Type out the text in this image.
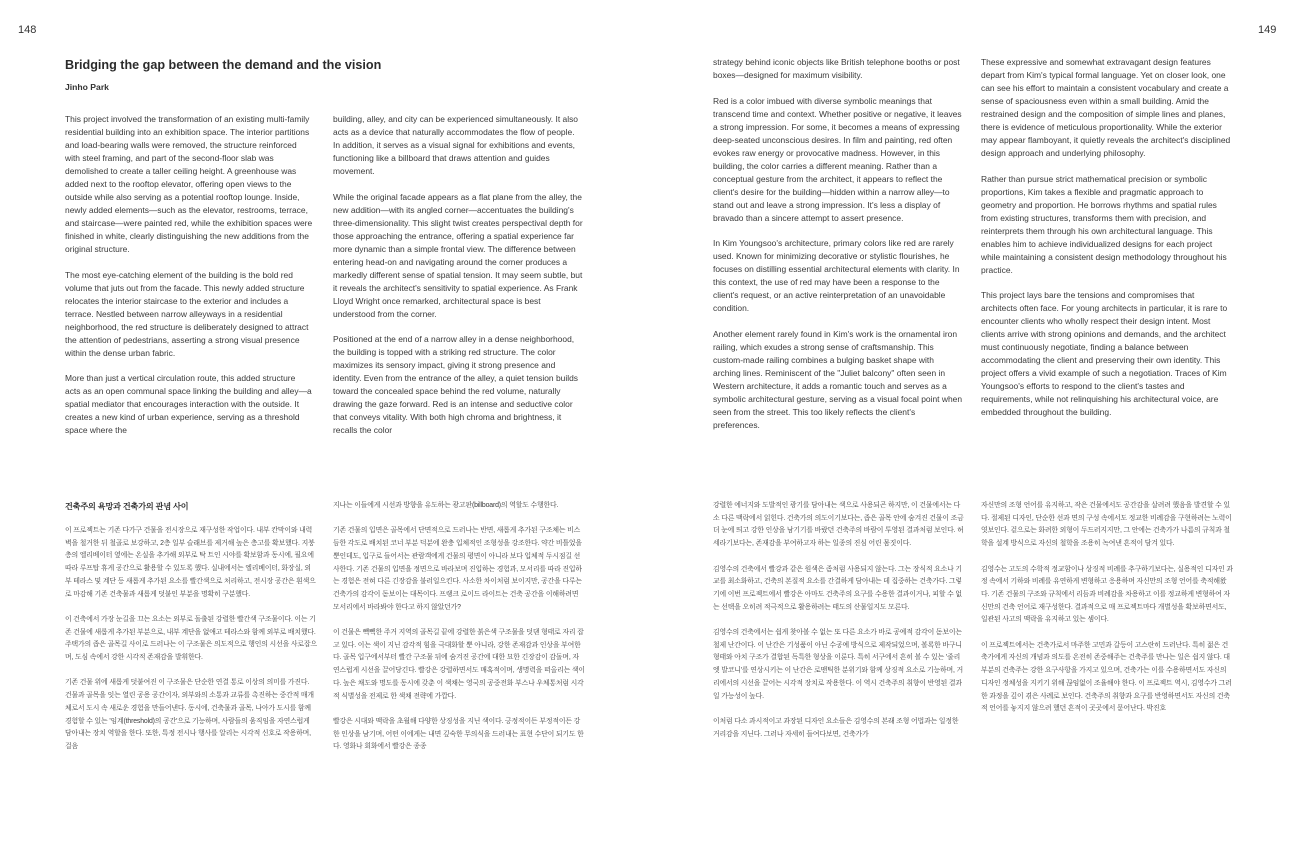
148	149
Bridging the gap between the demand and the vision
Jinho Park

This project involved the transformation of an existing multi-family residential building into an exhibition space. The interior partitions and load-bearing walls were removed, the structure reinforced with steel framing, and part of the second-floor slab was demolished to create a taller ceiling height. A greenhouse was added next to the rooftop elevator, offering open views to the outside while also serving as a potential rooftop lounge. Inside, newly added elements—such as the elevator, restrooms, terrace, and staircase—were painted red, while the exhibition spaces were finished in white, clearly distinguishing the new additions from the original structure.

The most eye-catching element of the building is the bold red volume that juts out from the facade. This newly added structure relocates the interior staircase to the exterior and includes a terrace. Nestled between narrow alleyways in a residential neighborhood, the red structure is deliberately designed to attract the attention of pedestrians, asserting a strong visual presence within the dense urban fabric.

More than just a vertical circulation route, this added structure acts as an open communal space linking the building and alley—a spatial mediator that encourages interaction with the outside. It creates a new kind of urban experience, serving as a threshold space where the

building, alley, and city can be experienced simultaneously. It also acts as a device that naturally accommodates the flow of people. In addition, it serves as a visual signal for exhibitions and events, functioning like a billboard that draws attention and guides movement.

While the original facade appears as a flat plane from the alley, the new addition—with its angled corner—accentuates the building's three-dimensionality. This slight twist creates perspectival depth for those approaching the entrance, offering a spatial experience far more dynamic than a simple frontal view. The difference between entering head-on and navigating around the corner produces a markedly different sense of spatial tension. It may seem subtle, but it reveals the architect's sensitivity to spatial experience. As Frank Lloyd Wright once remarked, architectural space is best understood from the corner.

Positioned at the end of a narrow alley in a dense neighborhood, the building is topped with a striking red structure. The color maximizes its sensory impact, giving it strong presence and identity. Even from the entrance of the alley, a quiet tension builds toward the concealed space behind the red volume, naturally drawing the gaze forward. Red is an intense and seductive color that conveys vitality. With both high chroma and brightness, it recalls the color

strategy behind iconic objects like British telephone booths or post boxes—designed for maximum visibility.

Red is a color imbued with diverse symbolic meanings that transcend time and context. Whether positive or negative, it leaves a strong impression. For some, it becomes a means of expressing deep-seated unconscious desires. In film and painting, red often evokes raw energy or provocative madness. However, in this building, the color carries a different meaning. Rather than a conceptual gesture from the architect, it appears to reflect the client's desire for the building—hidden within a narrow alley—to stand out and leave a strong impression. It's less a display of bravado than a sincere attempt to assert presence.

In Kim Youngsoo's architecture, primary colors like red are rarely used. Known for minimizing decorative or stylistic flourishes, he focuses on distilling essential architectural elements with clarity. In this context, the use of red may have been a response to the client's request, or an active reinterpretation of an unavoidable condition.

Another element rarely found in Kim's work is the ornamental iron railing, which exudes a strong sense of craftsmanship. This custom-made railing combines a bulging basket shape with arching lines. Reminiscent of the "Juliet balcony" often seen in Western architecture, it adds a romantic touch and serves as a symbolic architectural gesture, serving as a visual focal point when seen from the street. This too likely reflects the client's preferences.

These expressive and somewhat extravagant design features depart from Kim's typical formal language. Yet on closer look, one can see his effort to maintain a consistent vocabulary and create a sense of spaciousness even within a small building. Amid the restrained design and the composition of simple lines and planes, there is evidence of meticulous proportionality. While the exterior may appear flamboyant, it quietly reveals the architect's disciplined design approach and underlying philosophy.

Rather than pursue strict mathematical precision or symbolic proportions, Kim takes a flexible and pragmatic approach to geometry and proportion. He borrows rhythms and spatial rules from existing structures, transforms them with precision, and reinterprets them through his own architectural language. This enables him to achieve individualized designs for each project while maintaining a consistent design methodology throughout his practice.

This project lays bare the tensions and compromises that architects often face. For young architects in particular, it is rare to encounter clients who wholly respect their design intent. Most clients arrive with strong opinions and demands, and the architect must continuously negotiate, finding a balance between accommodating the client and preserving their own identity. This project offers a vivid example of such a negotiation. Traces of Kim Youngsoo's efforts to respond to the client's tastes and requirements, while not relinquishing his architectural voice, are embedded throughout the building.

건축주의 욕망과 건축가의 관념 사이

이 프로젝트는 기존 다가구 건물을 전시장으로 재구성한 작업이다. 내부 칸막이와 내력벽을 철거한 뒤 철골로 보강하고, 2층 일부 슬래브를 제거해 높은 층고를 확보했다. 지붕층의 엘리베이터 옆에는 온실을 추가해 외부로 탁 트인 시야를 확보함과 동시에, 필요에 따라 루프탑 휴게 공간으로 활용할 수 있도록 했다. 실내에서는 엘리베이터, 화장실, 외부 테라스 및 계단 등 새롭게 추가된 요소를 빨간색으로 처리하고, 전시장 공간은 흰색으로 마감해 기존 건축물과 새롭게 덧붙인 부분을 명확히 구분했다.

이 건축에서 가장 눈길을 끄는 요소는 외부로 돌출된 강렬한 빨간색 구조물이다. 이는 기존 건물에 새롭게 추가된 부분으로, 내부 계단을 없애고 테라스와 함께 외부로 배치했다. 주택가의 좁은 골목길 사이로 드러나는 이 구조물은 의도적으로 행인의 시선을 사로잡으며, 도심 속에서 강한 시각적 존재감을 발휘한다.

기존 건물 위에 새롭게 덧붙여진 이 구조물은 단순한 연결 통로 이상의 의미를 가진다. 건물과 골목을 잇는 열린 공용 공간이자, 외부와의 소통과 교류를 촉진하는 중간적 매개체로서 도시 속 새로운 경험을 만들어낸다. 동시에, 건축물과 골목, 나아가 도시를 함께 경험할 수 있는 '임계(threshold)의 공간'으로 기능하며, 사람들의 움직임을 자연스럽게 담아내는 장치 역할을 한다. 또한, 특정 전시나 행사를 알리는 시각적 신호로 작용하며, 걸음

지나는 이들에게 시선과 방향을 유도하는 광고판(billboard)의 역할도 수행한다.

기존 건물의 입면은 골목에서 단면적으로 드러나는 반면, 새롭게 추가된 구조체는 비스듬한 각도로 배치된 코너 부분 덕분에 완충 입체적인 조형성을 강조한다. 약간 비틀었을 뿐인데도, 입구로 들어서는 관람객에게 건물의 평면이 아니라 보다 입체적 두시점길 선사한다. 기존 건물의 입면을 정면으로 바라보며 진입하는 경험과, 모서리를 따라 진입하는 경험은 전혀 다른 긴장감을 불러일으킨다. 사소한 차이처럼 보이지만, 공간을 다루는 건축가의 감각이 돋보이는 대목이다. 프랭크 로이드 라이트는 건축 공간을 이해하려면 모서리에서 바라봐야 한다고 하지 않았던가?

이 건물은 빽빽한 주거 지역의 골목길 끝에 강렬한 붉은색 구조물을 덧댄 형태로 자리 잡고 있다. 이는 색이 지닌 감각적 힘을 극대화할 뿐 아니라, 강한 존재감과 인상을 부여한다. 골목 입구에서부터 빨간 구조물 뒤에 숨겨진 공간에 대한 묘한 긴장감이 감돌며, 자연스럽게 시선을 끌어당긴다. 빨강은 강렬하면서도 매혹적이며, 생명력을 떠올리는 색이다. 높은 채도와 명도를 동시에 갖춘 이 색채는 영국의 공중전화 부스나 우체통처럼 시각적 식별성을 전제로 한 색채 전략에 가깝다.

빨강은 시대와 맥락을 초월해 다양한 상징성을 지닌 색이다. 긍정적이든 부정적이든 강한 인상을 남기며, 어떤 이에게는 내면 깊숙한 무의식을 드러내는 표현 수단이 되기도 한다. 영화나 회화에서 빨강은 종종

강렬한 에너지와 도발적인 광기를 담아내는 색으로 사용되곤 하지만, 이 건물에서는 다소 다른 맥락에서 읽힌다. 건축가의 의도이기보다는, 좁은 골목 안에 숨겨진 건물이 조금 더 눈에 띄고 강한 인상을 남기기를 바랐던 건축주의 바람이 투영된 결과처럼 보인다. 허세라기보다는, 존재감을 부여하고자 하는 일종의 진심 어린 몸짓이다.

김영수의 건축에서 빨강과 같은 원색은 좀처럼 사용되지 않는다. 그는 장식적 요소나 기교를 최소화하고, 건축의 본질적 요소를 간결하게 담아내는 데 집중하는 건축가다. 그렇기에 이번 프로젝트에서 빨강은 아마도 건축주의 요구를 수용한 결과이거나, 피할 수 없는 선택을 오히려 적극적으로 활용하려는 태도의 산물일지도 모른다.

김영수의 건축에서는 쉽게 찾아볼 수 없는 또 다른 요소가 바로 공예적 감각이 돋보이는 철제 난간이다. 이 난간은 기성품이 아닌 수공예 방식으로 제작되었으며, 볼록한 바구니 형태와 아치 구조가 결합된 독특한 형상을 이룬다. 특히 서구에서 흔히 볼 수 있는 '줄리엣 발코니'를 연상시키는 이 난간은 로맨틱한 분위기와 함께 상징적 요소로 기능하며, 거리에서의 시선을 끌어는 시각적 장치로 작용한다. 이 역시 건축주의 취향이 반영된 결과일 가능성이 높다.

이처럼 다소 과시적이고 과장된 디자인 요소들은 김영수의 본래 조형 어법과는 일정한 거리감을 지닌다. 그러나 자세히 들여다보면, 건축가가

자신만의 조형 언어를 유지하고, 작은 건물에서도 공간감을 살려려 했음을 발견할 수 있다. 절제된 디자인, 단순한 선과 면의 구성 속에서도 정교한 비례감을 구현하려는 노력이 엿보인다. 겉으로는 화려한 외형이 두드러지지만, 그 안에는 건축가가 나름의 규칙과 철학을 설계 방식으로 자신의 철학을 조용히 녹여낸 흔적이 담겨 있다.

김영수는 고도의 수학적 정교함이나 상징적 비례를 추구하기보다는, 실용적인 디자인 과정 속에서 기하와 비례를 유연하게 변형하고 응용하며 자신만의 조형 언어를 축적해왔다. 기존 건물의 구조와 규칙에서 리듬과 비례감을 차용하고 이를 정교하게 변형하여 자신만의 건축 언어로 재구성한다. 결과적으로 매 프로젝트마다 개별성을 확보하면서도, 일관된 사고의 맥락을 유지하고 있는 셈이다.

이 프로젝트에서는 건축가로서 마주한 고민과 갈등이 고스란히 드러난다. 특히 젊은 건축가에게 자신의 개념과 의도를 온전히 존중해주는 건축주를 만나는 일은 쉽지 않다. 대부분의 건축주는 강한 요구사항을 가지고 있으며, 건축가는 이를 수용하면서도 자신의 디자인 정체성을 지키기 위해 끊임없이 조율해야 한다. 이 프로젝트 역시, 김영수가 그러한 과정을 깊이 겪은 사례로 보인다. 건축주의 취향과 요구를 반영하면서도 자신의 건축적 언어를 놓지지 않으려 했던 흔적이 곳곳에서 묻어난다. 박진호
